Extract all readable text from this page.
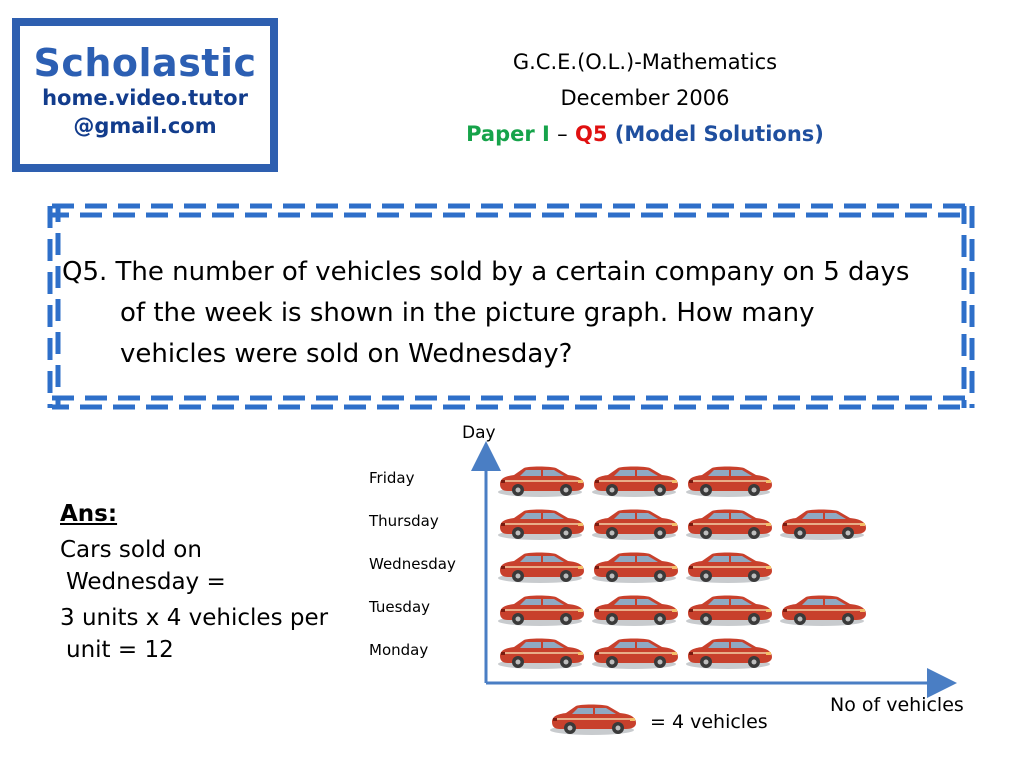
Scholastic
home.video.tutor
@gmail.com
G.C.E.(O.L.)-Mathematics
December 2006
Paper I – Q5 (Model Solutions)
Q5. The number of vehicles sold by a certain company on 5 days
of the week is shown in the picture graph. How many
vehicles were sold on Wednesday?
Ans:
Cars sold on
Wednesday =
3 units x 4 vehicles per
unit = 12
Day
No of vehicles
Friday
Thursday
Wednesday
Tuesday
Monday
= 4 vehicles
